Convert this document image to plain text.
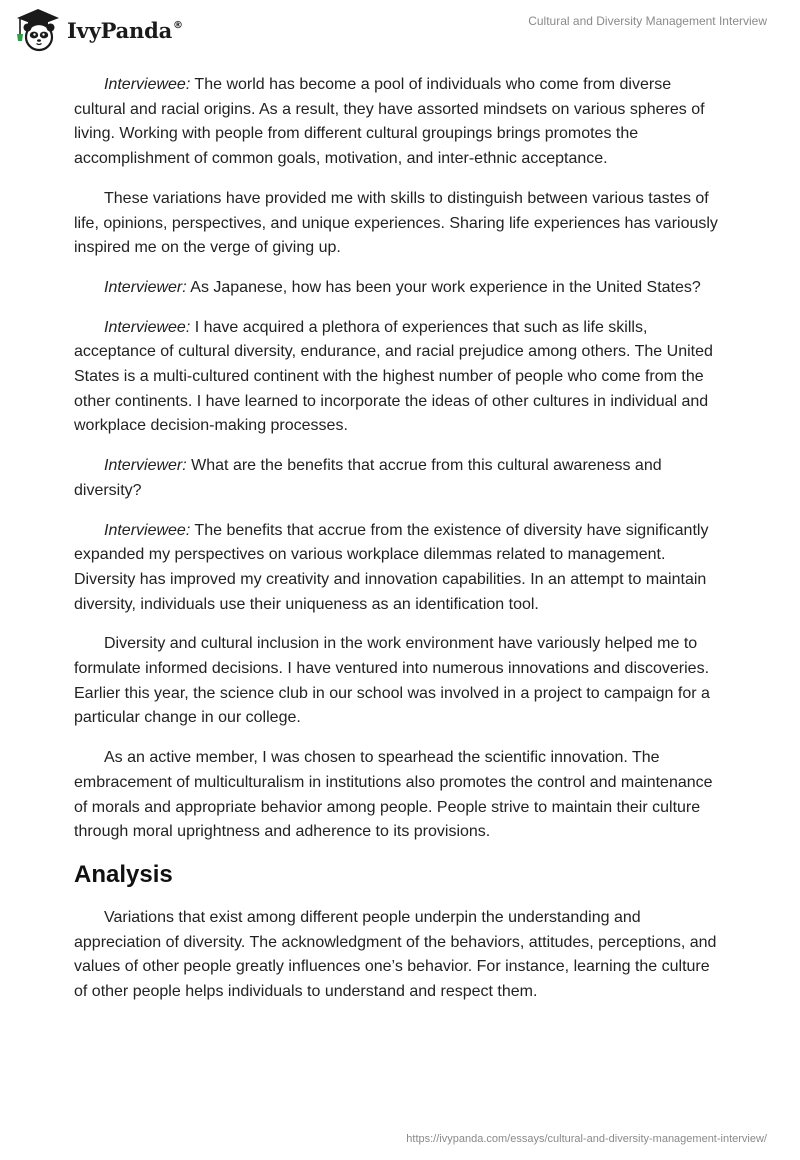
IvyPanda®	Cultural and Diversity Management Interview

Interviewee: The world has become a pool of individuals who come from diverse cultural and racial origins. As a result, they have assorted mindsets on various spheres of living. Working with people from different cultural groupings brings promotes the accomplishment of common goals, motivation, and inter-ethnic acceptance.

These variations have provided me with skills to distinguish between various tastes of life, opinions, perspectives, and unique experiences. Sharing life experiences has variously inspired me on the verge of giving up.

Interviewer: As Japanese, how has been your work experience in the United States?

Interviewee: I have acquired a plethora of experiences that such as life skills, acceptance of cultural diversity, endurance, and racial prejudice among others. The United States is a multi-cultured continent with the highest number of people who come from the other continents. I have learned to incorporate the ideas of other cultures in individual and workplace decision-making processes.

Interviewer: What are the benefits that accrue from this cultural awareness and diversity?

Interviewee: The benefits that accrue from the existence of diversity have significantly expanded my perspectives on various workplace dilemmas related to management. Diversity has improved my creativity and innovation capabilities. In an attempt to maintain diversity, individuals use their uniqueness as an identification tool.

Diversity and cultural inclusion in the work environment have variously helped me to formulate informed decisions. I have ventured into numerous innovations and discoveries. Earlier this year, the science club in our school was involved in a project to campaign for a particular change in our college.

As an active member, I was chosen to spearhead the scientific innovation. The embracement of multiculturalism in institutions also promotes the control and maintenance of morals and appropriate behavior among people. People strive to maintain their culture through moral uprightness and adherence to its provisions.

Analysis

Variations that exist among different people underpin the understanding and appreciation of diversity. The acknowledgment of the behaviors, attitudes, perceptions, and values of other people greatly influences one’s behavior. For instance, learning the culture of other people helps individuals to understand and respect them.

https://ivypanda.com/essays/cultural-and-diversity-management-interview/
